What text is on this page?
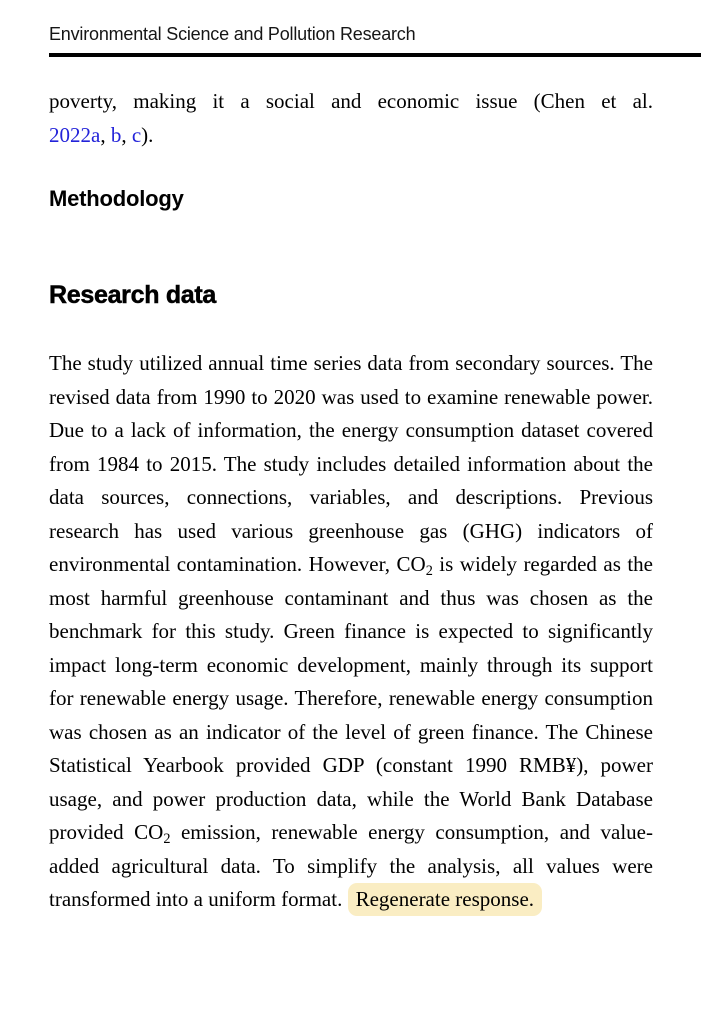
Environmental Science and Pollution Research
poverty, making it a social and economic issue (Chen et al.
2022a, b, c).
Methodology
Research data
The study utilized annual time series data from secondary sources. The revised data from 1990 to 2020 was used to examine renewable power. Due to a lack of information, the energy consumption dataset covered from 1984 to 2015. The study includes detailed information about the data sources, connections, variables, and descriptions. Previous research has used various greenhouse gas (GHG) indicators of environmental contamination. However, $CO_2$ is widely regarded as the most harmful greenhouse contaminant and thus was chosen as the benchmark for this study. Green finance is expected to significantly impact long-term economic development, mainly through its support for renewable energy usage. Therefore, renewable energy consumption was chosen as an indicator of the level of green finance. The Chinese Statistical Yearbook provided GDP (constant 1990 RMB¥), power usage, and power production data, while the World Bank Database provided $CO_2$ emission, renewable energy consumption, and value-added agricultural data. To simplify the analysis, all values were transformed into a uniform format. Regenerate response.
